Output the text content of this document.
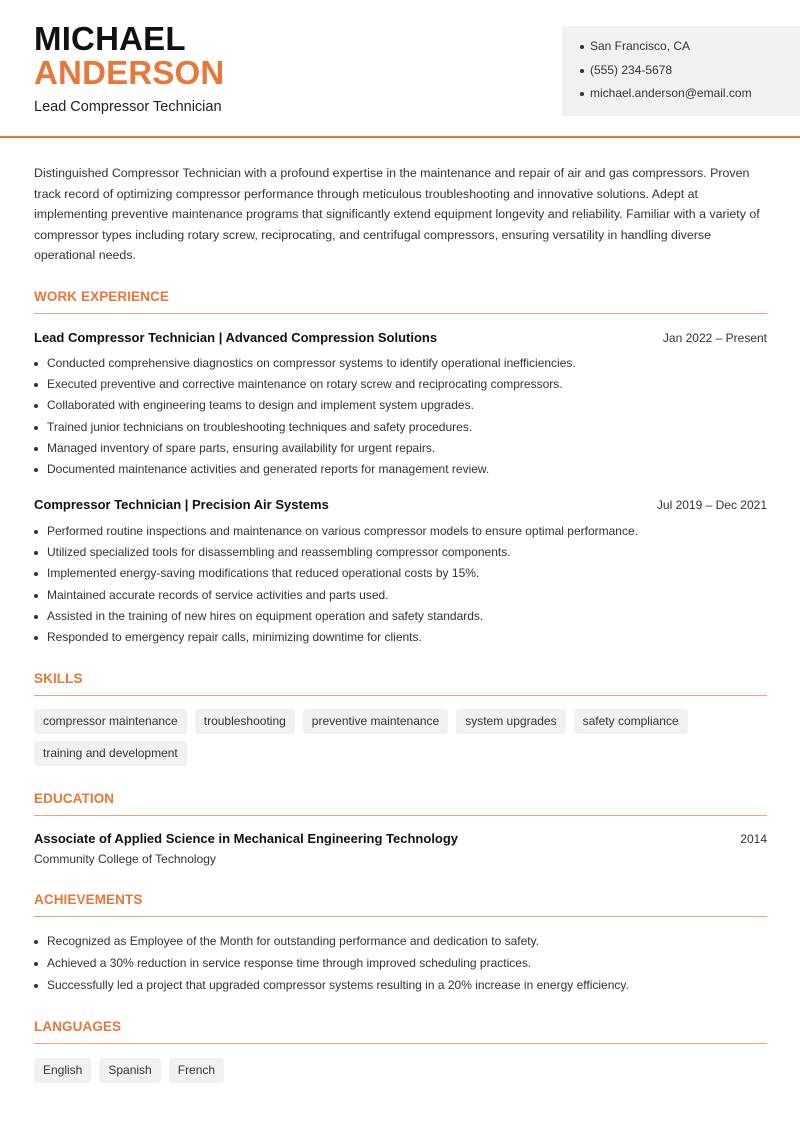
MICHAEL
ANDERSON
Lead Compressor Technician
San Francisco, CA
(555) 234-5678
michael.anderson@email.com

Distinguished Compressor Technician with a profound expertise in the maintenance and repair of air and gas compressors. Proven track record of optimizing compressor performance through meticulous troubleshooting and innovative solutions. Adept at implementing preventive maintenance programs that significantly extend equipment longevity and reliability. Familiar with a variety of compressor types including rotary screw, reciprocating, and centrifugal compressors, ensuring versatility in handling diverse operational needs.

WORK EXPERIENCE
Lead Compressor Technician | Advanced Compression Solutions	Jan 2022 – Present
Conducted comprehensive diagnostics on compressor systems to identify operational inefficiencies.
Executed preventive and corrective maintenance on rotary screw and reciprocating compressors.
Collaborated with engineering teams to design and implement system upgrades.
Trained junior technicians on troubleshooting techniques and safety procedures.
Managed inventory of spare parts, ensuring availability for urgent repairs.
Documented maintenance activities and generated reports for management review.
Compressor Technician | Precision Air Systems	Jul 2019 – Dec 2021
Performed routine inspections and maintenance on various compressor models to ensure optimal performance.
Utilized specialized tools for disassembling and reassembling compressor components.
Implemented energy-saving modifications that reduced operational costs by 15%.
Maintained accurate records of service activities and parts used.
Assisted in the training of new hires on equipment operation and safety standards.
Responded to emergency repair calls, minimizing downtime for clients.
SKILLS
compressor maintenance	troubleshooting	preventive maintenance	system upgrades	safety compliance
training and development
EDUCATION
Associate of Applied Science in Mechanical Engineering Technology	2014
Community College of Technology
ACHIEVEMENTS
Recognized as Employee of the Month for outstanding performance and dedication to safety.
Achieved a 30% reduction in service response time through improved scheduling practices.
Successfully led a project that upgraded compressor systems resulting in a 20% increase in energy efficiency.
LANGUAGES
English	Spanish	French
